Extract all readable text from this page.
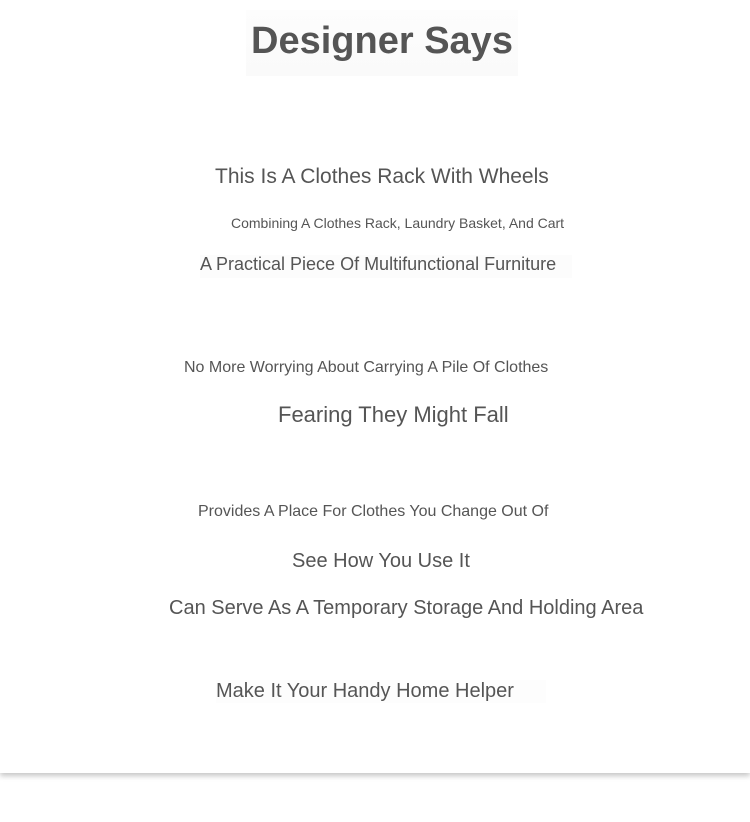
Designer Says
This Is A Clothes Rack With Wheels
Combining A Clothes Rack, Laundry Basket, And Cart
A Practical Piece Of Multifunctional Furniture
No More Worrying About Carrying A Pile Of Clothes
Fearing They Might Fall
Provides A Place For Clothes You Change Out Of
See How You Use It
Can Serve As A Temporary Storage And Holding Area
Make It Your Handy Home Helper
